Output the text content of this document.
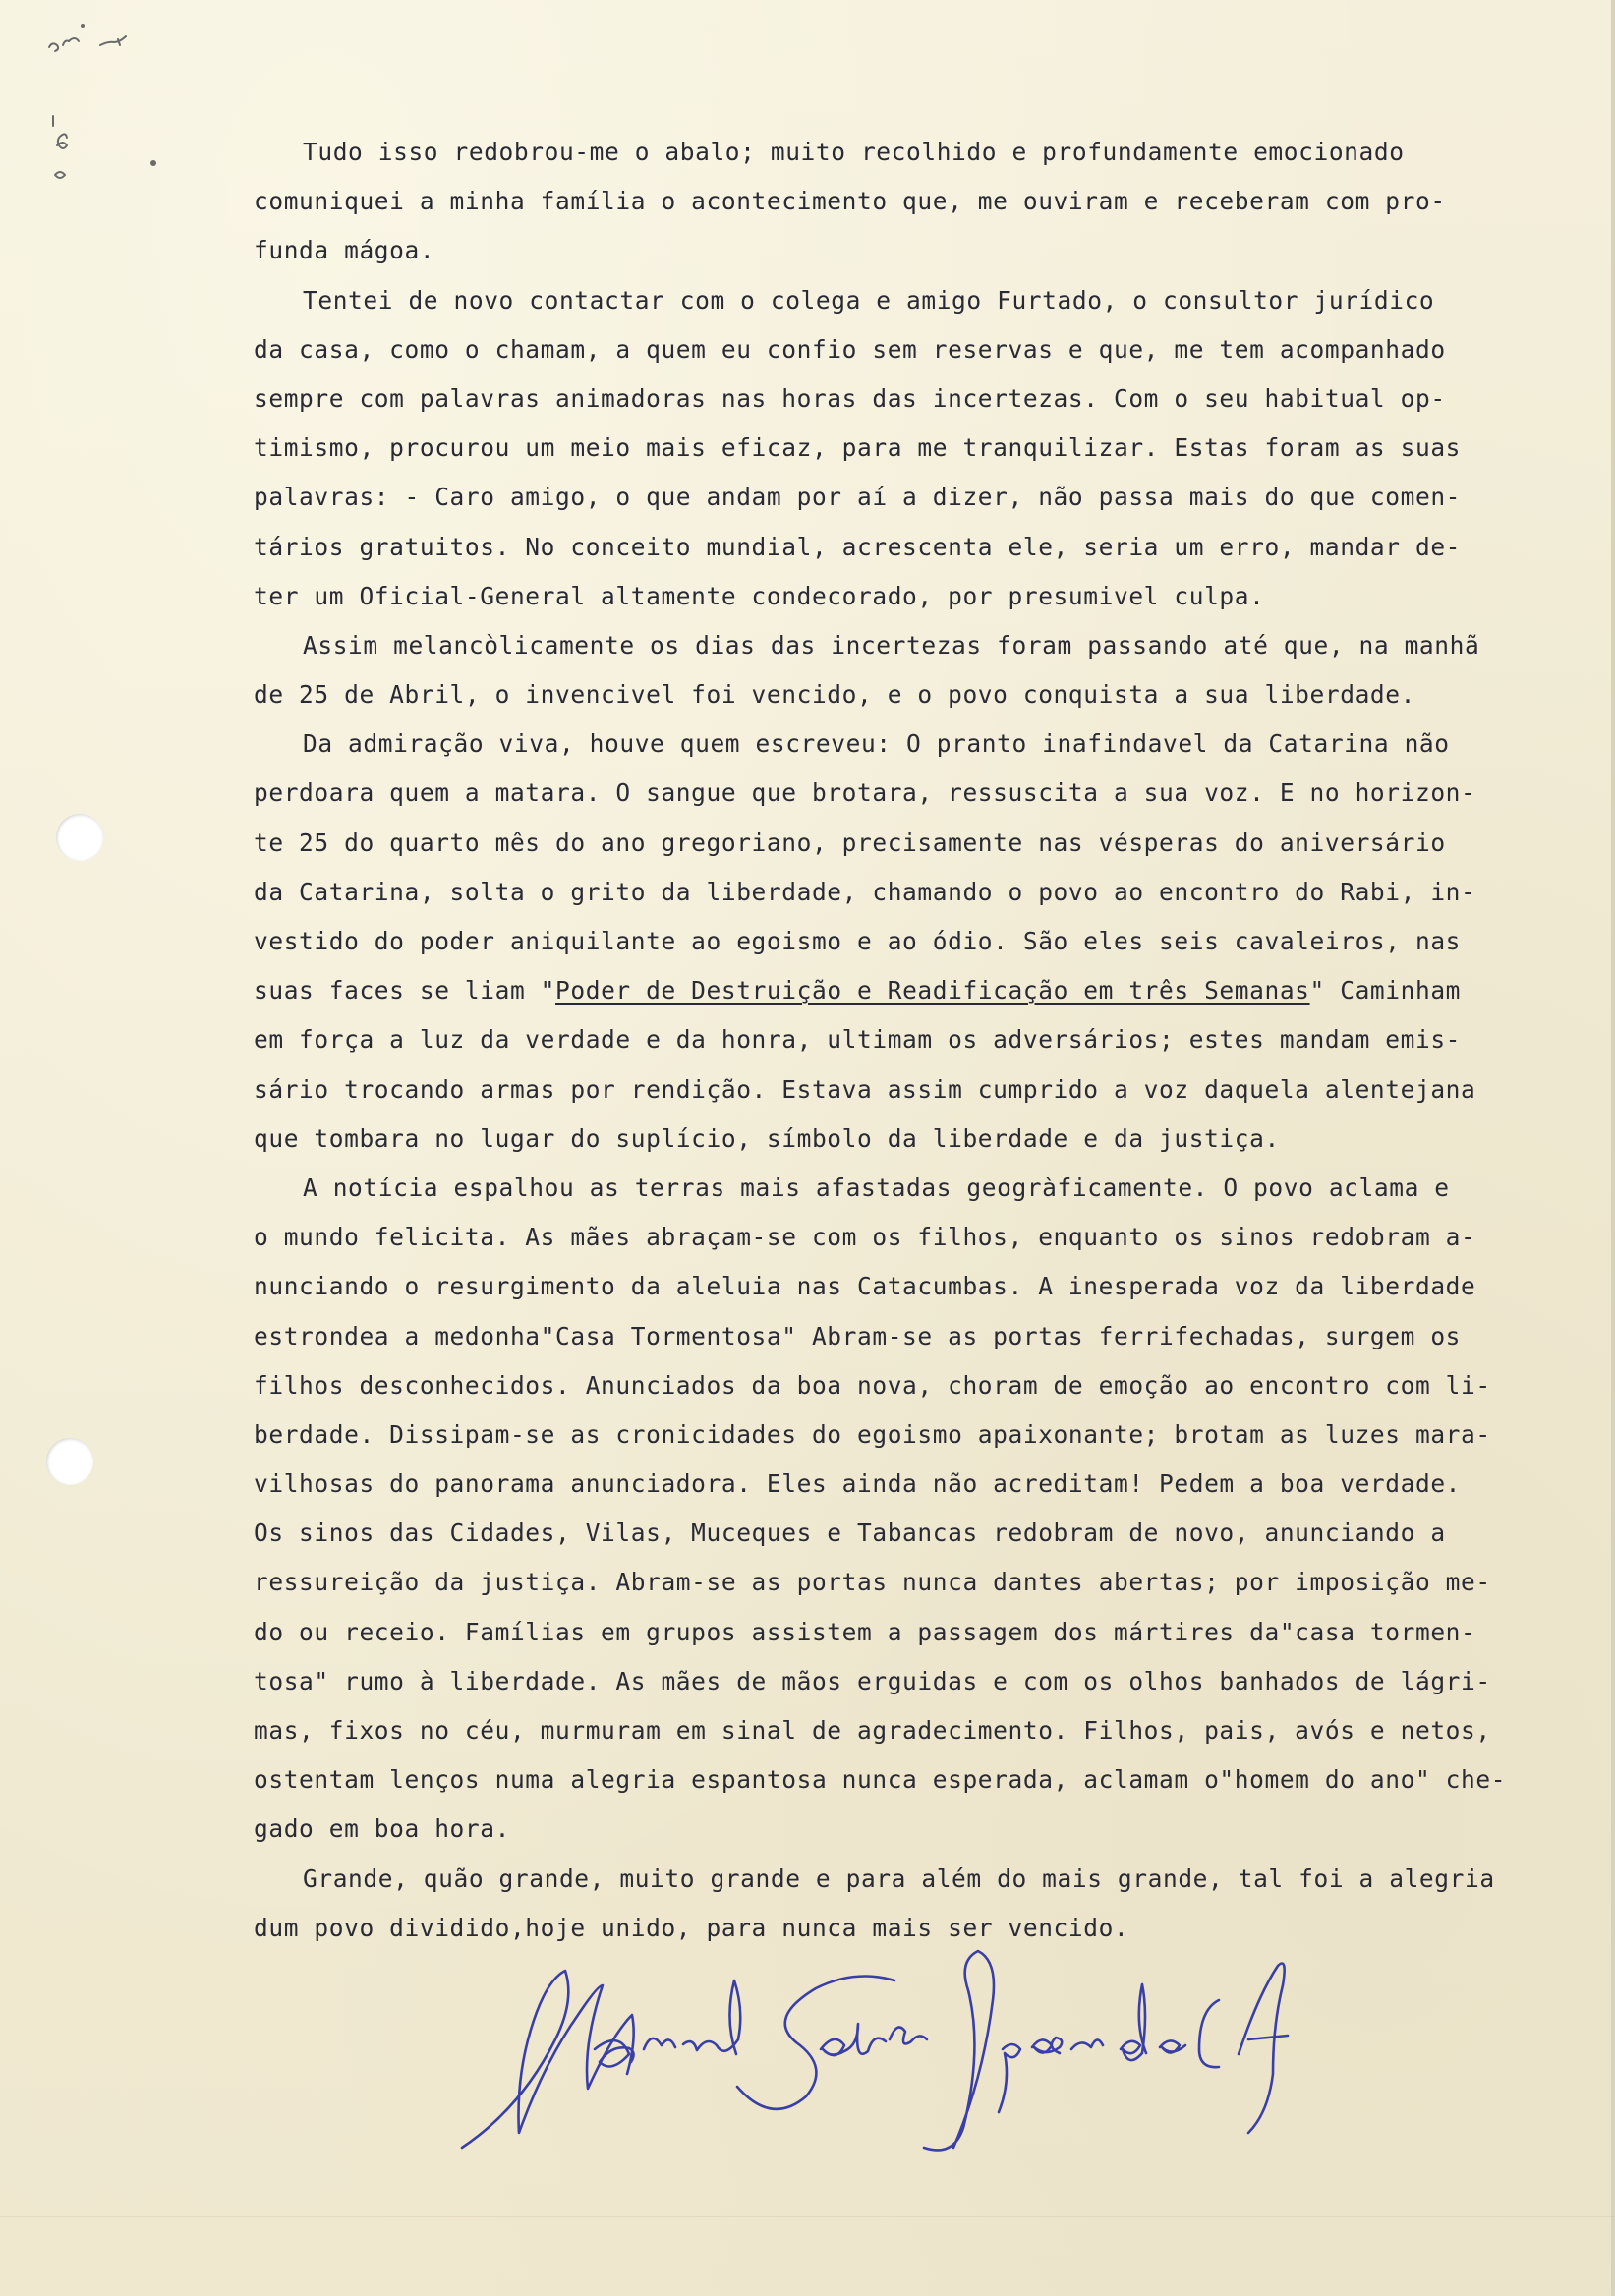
Tudo isso redobrou-me o abalo; muito recolhido e profundamente emocionado
comuniquei a minha família o acontecimento que, me ouviram e receberam com pro-
funda mágoa.
Tentei de novo contactar com o colega e amigo Furtado, o consultor jurídico
da casa, como o chamam, a quem eu confio sem reservas e que, me tem acompanhado
sempre com palavras animadoras nas horas das incertezas. Com o seu habitual op-
timismo, procurou um meio mais eficaz, para me tranquilizar. Estas foram as suas
palavras: - Caro amigo, o que andam por aí a dizer, não passa mais do que comen-
tários gratuitos. No conceito mundial, acrescenta ele, seria um erro, mandar de-
ter um Oficial-General altamente condecorado, por presumivel culpa.
Assim melancòlicamente os dias das incertezas foram passando até que, na manhã
de 25 de Abril, o invencivel foi vencido, e o povo conquista a sua liberdade.
Da admiração viva, houve quem escreveu: O pranto inafindavel da Catarina não
perdoara quem a matara. O sangue que brotara, ressuscita a sua voz. E no horizon-
te 25 do quarto mês do ano gregoriano, precisamente nas vésperas do aniversário
da Catarina, solta o grito da liberdade, chamando o povo ao encontro do Rabi, in-
vestido do poder aniquilante ao egoismo e ao ódio. São eles seis cavaleiros, nas
suas faces se liam "Poder de Destruição e Readificação em três Semanas" Caminham
em força a luz da verdade e da honra, ultimam os adversários; estes mandam emis-
sário trocando armas por rendição. Estava assim cumprido a voz daquela alentejana
que tombara no lugar do suplício, símbolo da liberdade e da justiça.
A notícia espalhou as terras mais afastadas geogràficamente. O povo aclama e
o mundo felicita. As mães abraçam-se com os filhos, enquanto os sinos redobram a-
nunciando o resurgimento da aleluia nas Catacumbas. A inesperada voz da liberdade
estrondea a medonha"Casa Tormentosa" Abram-se as portas ferrifechadas, surgem os
filhos desconhecidos. Anunciados da boa nova, choram de emoção ao encontro com li-
berdade. Dissipam-se as cronicidades do egoismo apaixonante; brotam as luzes mara-
vilhosas do panorama anunciadora. Eles ainda não acreditam! Pedem a boa verdade.
Os sinos das Cidades, Vilas, Muceques e Tabancas redobram de novo, anunciando a
ressureição da justiça. Abram-se as portas nunca dantes abertas; por imposição me-
do ou receio. Famílias em grupos assistem a passagem dos mártires da"casa tormen-
tosa" rumo à liberdade. As mães de mãos erguidas e com os olhos banhados de lágri-
mas, fixos no céu, murmuram em sinal de agradecimento. Filhos, pais, avós e netos,
ostentam lenços numa alegria espantosa nunca esperada, aclamam o"homem do ano" che-
gado em boa hora.
Grande, quão grande, muito grande e para além do mais grande, tal foi a alegria
dum povo dividido,hoje unido, para nunca mais ser vencido.
